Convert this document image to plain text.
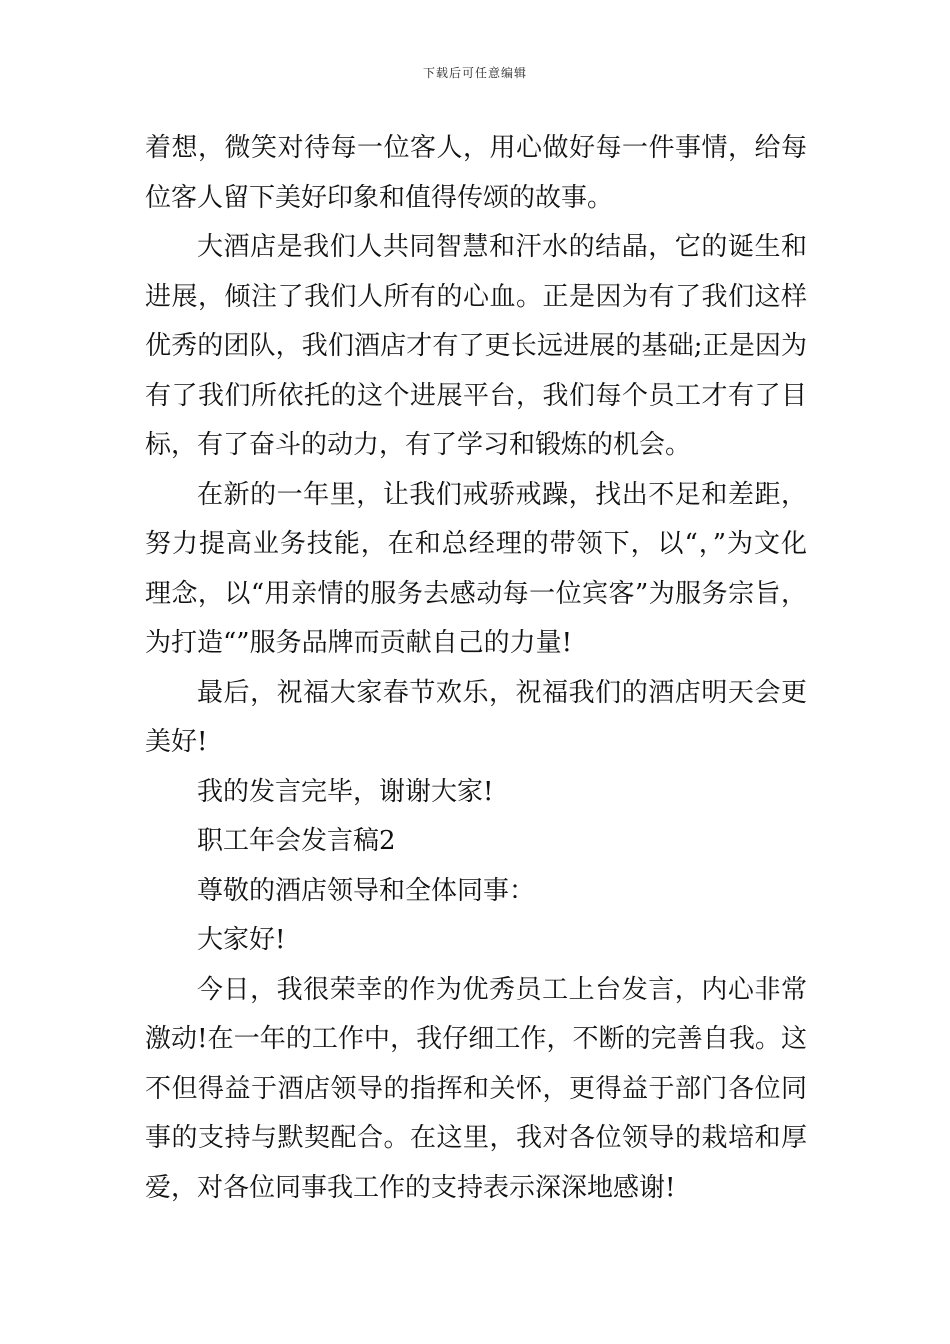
下载后可任意编辑

着想，微笑对待每一位客人，用心做好每一件事情，给每位客人留下美好印象和值得传颂的故事。

大酒店是我们人共同智慧和汗水的结晶，它的诞生和进展，倾注了我们人所有的心血。正是因为有了我们这样优秀的团队，我们酒店才有了更长远进展的基础;正是因为有了我们所依托的这个进展平台，我们每个员工才有了目标，有了奋斗的动力，有了学习和锻炼的机会。

在新的一年里，让我们戒骄戒躁，找出不足和差距，努力提高业务技能，在和总经理的带领下，以“，”为文化理念，以“用亲情的服务去感动每一位宾客”为服务宗旨，为打造“”服务品牌而贡献自己的力量!

最后，祝福大家春节欢乐，祝福我们的酒店明天会更美好!

我的发言完毕，谢谢大家!

职工年会发言稿2

尊敬的酒店领导和全体同事：

大家好!

今日，我很荣幸的作为优秀员工上台发言，内心非常激动!在一年的工作中，我仔细工作，不断的完善自我。这不但得益于酒店领导的指挥和关怀，更得益于部门各位同事的支持与默契配合。在这里，我对各位领导的栽培和厚爱，对各位同事我工作的支持表示深深地感谢!
